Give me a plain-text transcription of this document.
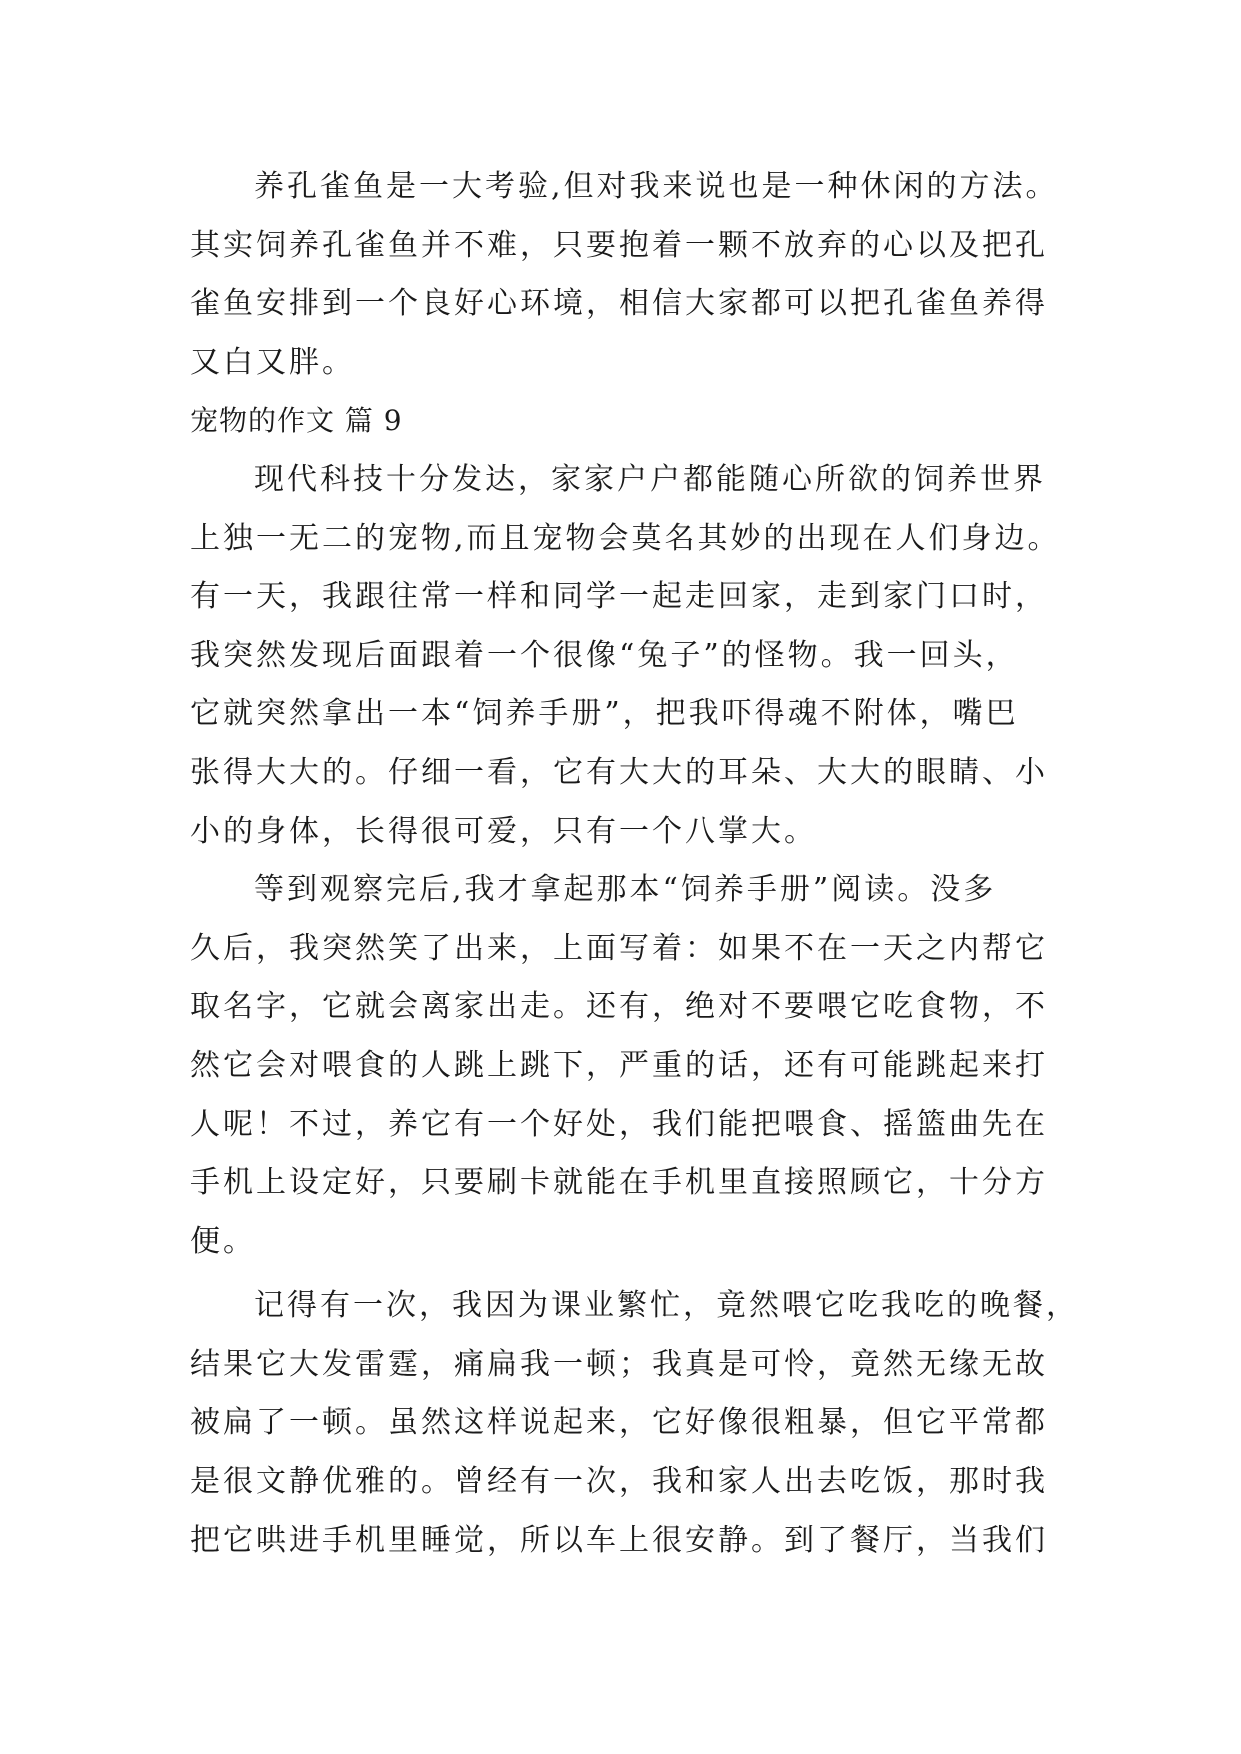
养孔雀鱼是一大考验,但对我来说也是一种休闲的方法。
其实饲养孔雀鱼并不难，只要抱着一颗不放弃的心以及把孔
雀鱼安排到一个良好心环境，相信大家都可以把孔雀鱼养得
又白又胖。
宠物的作文 篇 9
现代科技十分发达，家家户户都能随心所欲的饲养世界
上独一无二的宠物,而且宠物会莫名其妙的出现在人们身边。
有一天，我跟往常一样和同学一起走回家，走到家门口时，
我突然发现后面跟着一个很像“兔子”的怪物。我一回头，
它就突然拿出一本“饲养手册”，把我吓得魂不附体，嘴巴
张得大大的。仔细一看，它有大大的耳朵、大大的眼睛、小
小的身体，长得很可爱，只有一个八掌大。
等到观察完后,我才拿起那本“饲养手册”阅读。没多
久后，我突然笑了出来，上面写着：如果不在一天之内帮它
取名字，它就会离家出走。还有，绝对不要喂它吃食物，不
然它会对喂食的人跳上跳下，严重的话，还有可能跳起来打
人呢！不过，养它有一个好处，我们能把喂食、摇篮曲先在
手机上设定好，只要刷卡就能在手机里直接照顾它，十分方
便。
记得有一次，我因为课业繁忙，竟然喂它吃我吃的晚餐，
结果它大发雷霆，痛扁我一顿；我真是可怜，竟然无缘无故
被扁了一顿。虽然这样说起来，它好像很粗暴，但它平常都
是很文静优雅的。曾经有一次，我和家人出去吃饭，那时我
把它哄进手机里睡觉，所以车上很安静。到了餐厅，当我们
